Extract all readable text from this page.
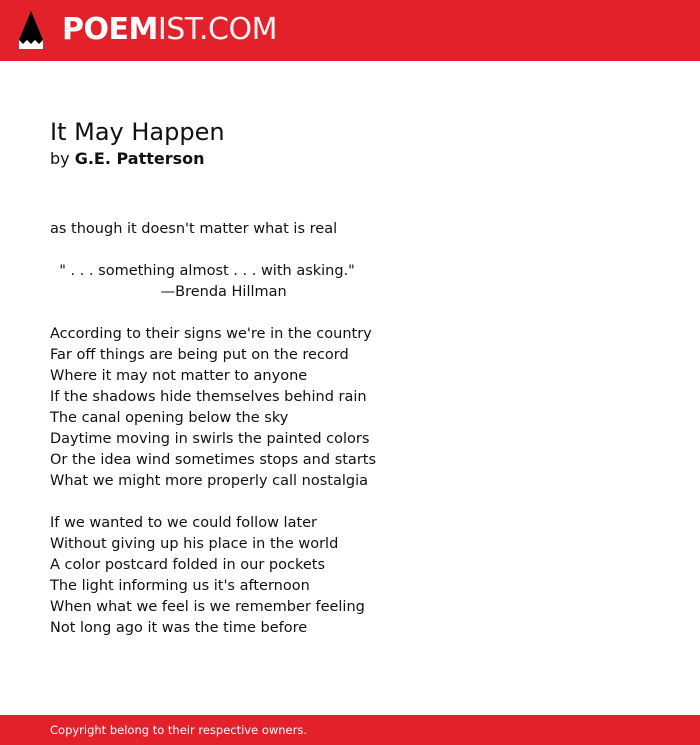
POEMIST.COM
It May Happen
by G.E. Patterson
as though it doesn't matter what is real
" . . . something almost . . . with asking."
—Brenda Hillman
According to their signs we're in the country
Far off things are being put on the record
Where it may not matter to anyone
If the shadows hide themselves behind rain
The canal opening below the sky
Daytime moving in swirls the painted colors
Or the idea wind sometimes stops and starts
What we might more properly call nostalgia
If we wanted to we could follow later
Without giving up his place in the world
A color postcard folded in our pockets
The light informing us it's afternoon
When what we feel is we remember feeling
Not long ago it was the time before
Copyright belong to their respective owners.
